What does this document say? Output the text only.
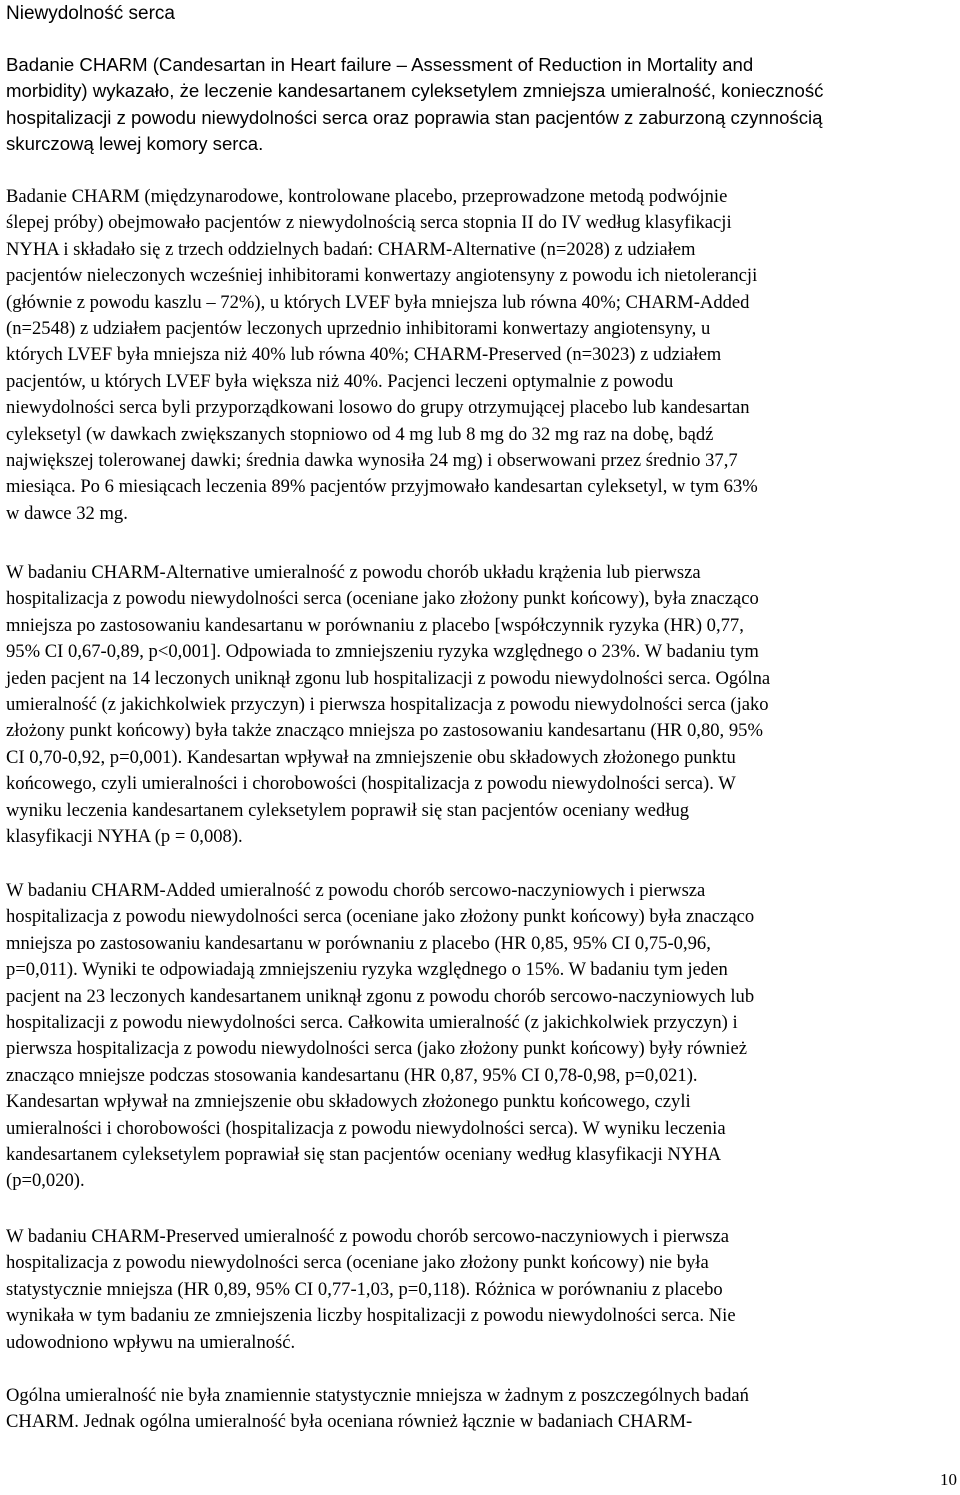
Niewydolność serca
Badanie CHARM (Candesartan in Heart failure – Assessment of Reduction in Mortality and
morbidity) wykazało, że leczenie kandesartanem cyleksetylem zmniejsza umieralność, konieczność
hospitalizacji z powodu niewydolności serca oraz poprawia stan pacjentów z zaburzoną czynnością
skurczową lewej komory serca.
Badanie CHARM (międzynarodowe, kontrolowane placebo, przeprowadzone metodą podwójnie
ślepej próby) obejmowało pacjentów z niewydolnością serca stopnia II do IV według klasyfikacji
NYHA i składało się z trzech oddzielnych badań: CHARM-Alternative (n=2028) z udziałem
pacjentów nieleczonych wcześniej inhibitorami konwertazy angiotensyny z powodu ich nietolerancji
(głównie z powodu kaszlu – 72%), u których LVEF była mniejsza lub równa 40%; CHARM-Added
(n=2548) z udziałem pacjentów leczonych uprzednio inhibitorami konwertazy angiotensyny, u
których LVEF była mniejsza niż 40% lub równa 40%; CHARM-Preserved (n=3023) z udziałem
pacjentów, u których LVEF była większa niż 40%. Pacjenci leczeni optymalnie z powodu
niewydolności serca byli przyporządkowani losowo do grupy otrzymującej placebo lub kandesartan
cyleksetyl (w dawkach zwiększanych stopniowo od 4 mg lub 8 mg do 32 mg raz na dobę, bądź
największej tolerowanej dawki; średnia dawka wynosiła 24 mg) i obserwowani przez średnio 37,7
miesiąca. Po 6 miesiącach leczenia 89% pacjentów przyjmowało kandesartan cyleksetyl, w tym 63%
w dawce 32 mg.
W badaniu CHARM-Alternative umieralność z powodu chorób układu krążenia lub pierwsza
hospitalizacja z powodu niewydolności serca (oceniane jako złożony punkt końcowy), była znacząco
mniejsza po zastosowaniu kandesartanu w porównaniu z placebo [współczynnik ryzyka (HR) 0,77,
95% CI 0,67-0,89, p<0,001]. Odpowiada to zmniejszeniu ryzyka względnego o 23%. W badaniu tym
jeden pacjent na 14 leczonych uniknął zgonu lub hospitalizacji z powodu niewydolności serca. Ogólna
umieralność (z jakichkolwiek przyczyn) i pierwsza hospitalizacja z powodu niewydolności serca (jako
złożony punkt końcowy) była także znacząco mniejsza po zastosowaniu kandesartanu (HR 0,80, 95%
CI 0,70-0,92, p=0,001). Kandesartan wpływał na zmniejszenie obu składowych złożonego punktu
końcowego, czyli umieralności i chorobowości (hospitalizacja z powodu niewydolności serca). W
wyniku leczenia kandesartanem cyleksetylem poprawił się stan pacjentów oceniany według
klasyfikacji NYHA (p = 0,008).
W badaniu CHARM-Added umieralność z powodu chorób sercowo-naczyniowych i pierwsza
hospitalizacja z powodu niewydolności serca (oceniane jako złożony punkt końcowy) była znacząco
mniejsza po zastosowaniu kandesartanu w porównaniu z placebo (HR 0,85, 95% CI 0,75-0,96,
p=0,011). Wyniki te odpowiadają zmniejszeniu ryzyka względnego o 15%. W badaniu tym jeden
pacjent na 23 leczonych kandesartanem uniknął zgonu z powodu chorób sercowo-naczyniowych lub
hospitalizacji z powodu niewydolności serca. Całkowita umieralność (z jakichkolwiek przyczyn) i
pierwsza hospitalizacja z powodu niewydolności serca (jako złożony punkt końcowy) były również
znacząco mniejsze podczas stosowania kandesartanu (HR 0,87, 95% CI 0,78-0,98, p=0,021).
Kandesartan wpływał na zmniejszenie obu składowych złożonego punktu końcowego, czyli
umieralności i chorobowości (hospitalizacja z powodu niewydolności serca). W wyniku leczenia
kandesartanem cyleksetylem poprawiał się stan pacjentów oceniany według klasyfikacji NYHA
(p=0,020).
W badaniu CHARM-Preserved umieralność z powodu chorób sercowo-naczyniowych i pierwsza
hospitalizacja z powodu niewydolności serca (oceniane jako złożony punkt końcowy) nie była
statystycznie mniejsza (HR 0,89, 95% CI 0,77-1,03, p=0,118). Różnica w porównaniu z placebo
wynikała w tym badaniu ze zmniejszenia liczby hospitalizacji z powodu niewydolności serca. Nie
udowodniono wpływu na umieralność.
Ogólna umieralność nie była znamiennie statystycznie mniejsza w żadnym z poszczególnych badań
CHARM. Jednak ogólna umieralność była oceniana również łącznie w badaniach CHARM-
10
